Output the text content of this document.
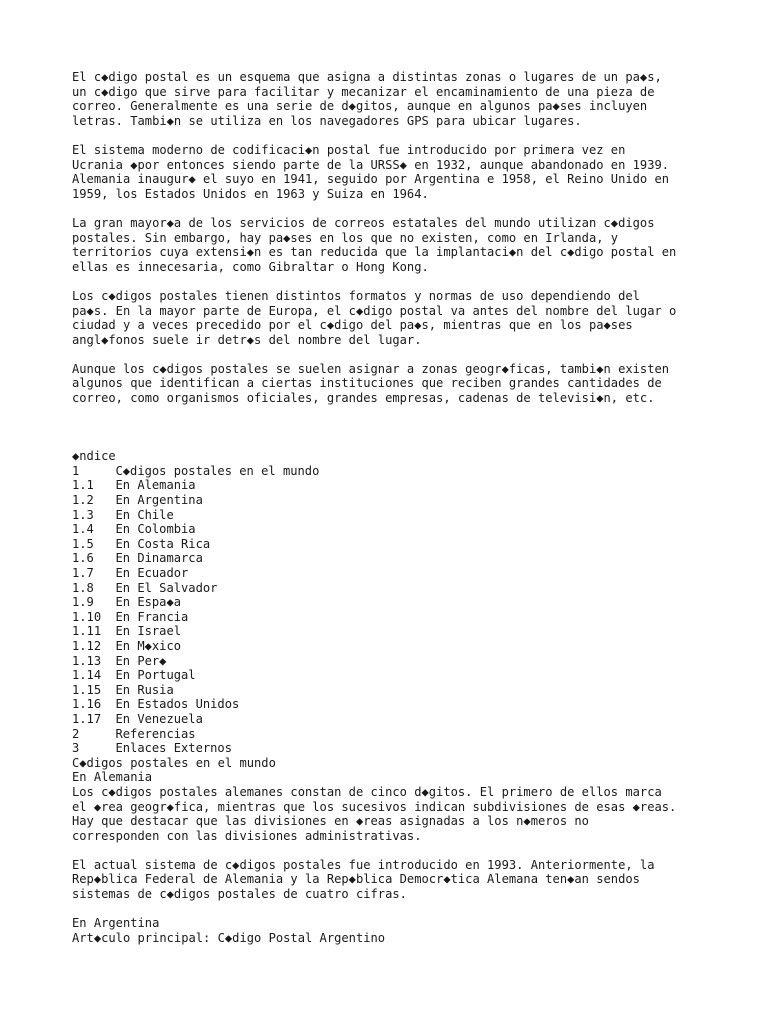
El c◆digo postal es un esquema que asigna a distintas zonas o lugares de un pa◆s,
un c◆digo que sirve para facilitar y mecanizar el encaminamiento de una pieza de
correo. Generalmente es una serie de d◆gitos, aunque en algunos pa◆ses incluyen
letras. Tambi◆n se utiliza en los navegadores GPS para ubicar lugares.

El sistema moderno de codificaci◆n postal fue introducido por primera vez en
Ucrania ◆por entonces siendo parte de la URSS◆ en 1932, aunque abandonado en 1939.
Alemania inaugur◆ el suyo en 1941, seguido por Argentina e 1958, el Reino Unido en
1959, los Estados Unidos en 1963 y Suiza en 1964.

La gran mayor◆a de los servicios de correos estatales del mundo utilizan c◆digos
postales. Sin embargo, hay pa◆ses en los que no existen, como en Irlanda, y
territorios cuya extensi◆n es tan reducida que la implantaci◆n del c◆digo postal en
ellas es innecesaria, como Gibraltar o Hong Kong.

Los c◆digos postales tienen distintos formatos y normas de uso dependiendo del
pa◆s. En la mayor parte de Europa, el c◆digo postal va antes del nombre del lugar o
ciudad y a veces precedido por el c◆digo del pa◆s, mientras que en los pa◆ses
angl◆fonos suele ir detr◆s del nombre del lugar.

Aunque los c◆digos postales se suelen asignar a zonas geogr◆ficas, tambi◆n existen
algunos que identifican a ciertas instituciones que reciben grandes cantidades de
correo, como organismos oficiales, grandes empresas, cadenas de televisi◆n, etc.

◆ndice
1	C◆digos postales en el mundo
1.1	En Alemania
1.2	En Argentina
1.3	En Chile
1.4	En Colombia
1.5	En Costa Rica
1.6	En Dinamarca
1.7	En Ecuador
1.8	En El Salvador
1.9	En Espa◆a
1.10	En Francia
1.11	En Israel
1.12	En M◆xico
1.13	En Per◆
1.14	En Portugal
1.15	En Rusia
1.16	En Estados Unidos
1.17	En Venezuela
2	Referencias
3	Enlaces Externos
C◆digos postales en el mundo
En Alemania

Los c◆digos postales alemanes constan de cinco d◆gitos. El primero de ellos marca
el ◆rea geogr◆fica, mientras que los sucesivos indican subdivisiones de esas ◆reas.
Hay que destacar que las divisiones en ◆reas asignadas a los n◆meros no
corresponden con las divisiones administrativas.

El actual sistema de c◆digos postales fue introducido en 1993. Anteriormente, la
Rep◆blica Federal de Alemania y la Rep◆blica Democr◆tica Alemana ten◆an sendos
sistemas de c◆digos postales de cuatro cifras.

En Argentina
Art◆culo principal: C◆digo Postal Argentino
